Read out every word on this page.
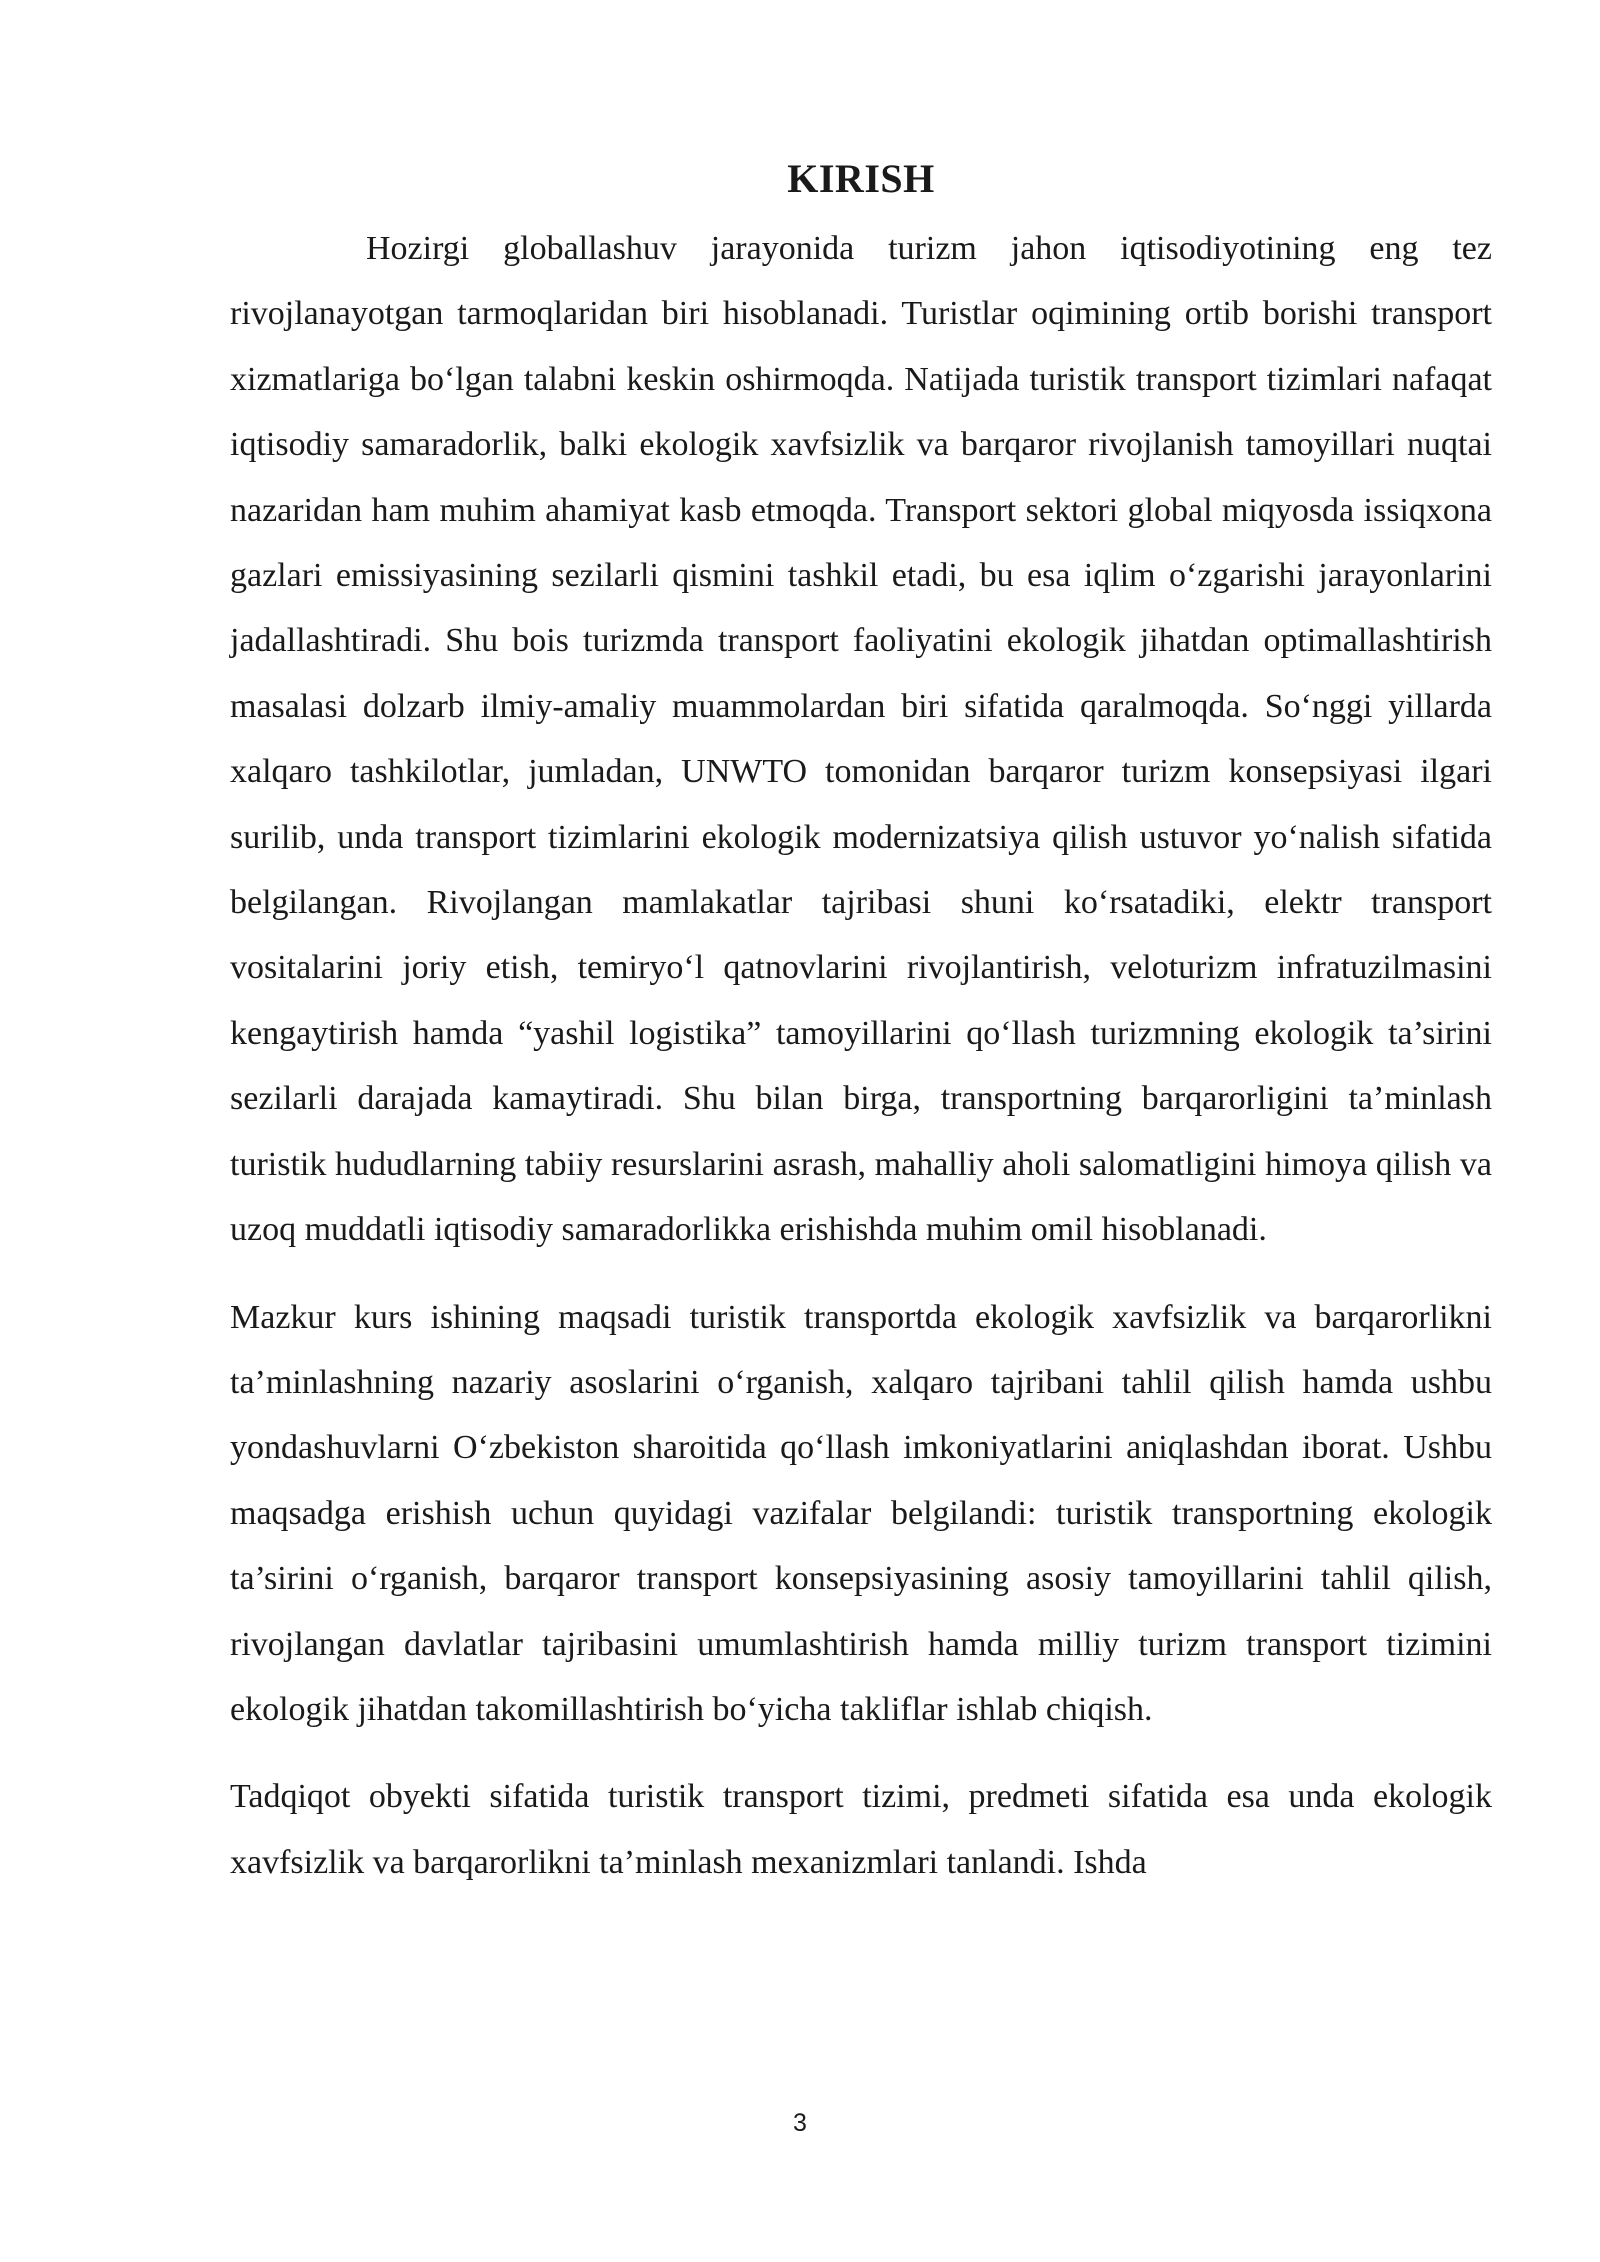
KIRISH

Hozirgi globallashuv jarayonida turizm jahon iqtisodiyotining eng tez rivojlanayotgan tarmoqlaridan biri hisoblanadi. Turistlar oqimining ortib borishi transport xizmatlariga bo‘lgan talabni keskin oshirmoqda. Natijada turistik transport tizimlari nafaqat iqtisodiy samaradorlik, balki ekologik xavfsizlik va barqaror rivojlanish tamoyillari nuqtai nazaridan ham muhim ahamiyat kasb etmoqda. Transport sektori global miqyosda issiqxona gazlari emissiyasining sezilarli qismini tashkil etadi, bu esa iqlim o‘zgarishi jarayonlarini jadallashtiradi. Shu bois turizmda transport faoliyatini ekologik jihatdan optimallashtirish masalasi dolzarb ilmiy-amaliy muammolardan biri sifatida qaralmoqda. So‘nggi yillarda xalqaro tashkilotlar, jumladan, UNWTO tomonidan barqaror turizm konsepsiyasi ilgari surilib, unda transport tizimlarini ekologik modernizatsiya qilish ustuvor yo‘nalish sifatida belgilangan. Rivojlangan mamlakatlar tajribasi shuni ko‘rsatadiki, elektr transport vositalarini joriy etish, temiryo‘l qatnovlarini rivojlantirish, veloturizm infratuzilmasini kengaytirish hamda “yashil logistika” tamoyillarini qo‘llash turizmning ekologik ta’sirini sezilarli darajada kamaytiradi. Shu bilan birga, transportning barqarorligini ta’minlash turistik hududlarning tabiiy resurslarini asrash, mahalliy aholi salomatligini himoya qilish va uzoq muddatli iqtisodiy samaradorlikka erishishda muhim omil hisoblanadi.

Mazkur kurs ishining maqsadi turistik transportda ekologik xavfsizlik va barqarorlikni ta’minlashning nazariy asoslarini o‘rganish, xalqaro tajribani tahlil qilish hamda ushbu yondashuvlarni O‘zbekiston sharoitida qo‘llash imkoniyatlarini aniqlashdan iborat. Ushbu maqsadga erishish uchun quyidagi vazifalar belgilandi: turistik transportning ekologik ta’sirini o‘rganish, barqaror transport konsepsiyasining asosiy tamoyillarini tahlil qilish, rivojlangan davlatlar tajribasini umumlashtirish hamda milliy turizm transport tizimini ekologik jihatdan takomillashtirish bo‘yicha takliflar ishlab chiqish.

Tadqiqot obyekti sifatida turistik transport tizimi, predmeti sifatida esa unda ekologik xavfsizlik va barqarorlikni ta’minlash mexanizmlari tanlandi. Ishda

3
